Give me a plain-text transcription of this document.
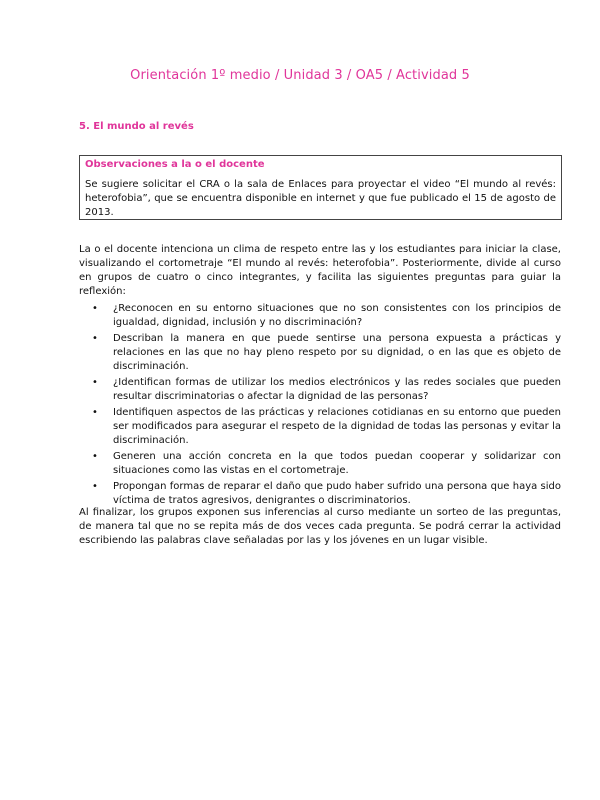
Orientación 1º medio / Unidad 3 / OA5 / Actividad 5
5. El mundo al revés
Observaciones a la o el docente
Se sugiere solicitar el CRA o la sala de Enlaces para proyectar el video “El mundo al revés: heterofobia”, que se encuentra disponible en internet y que fue publicado el 15 de agosto de 2013.
La o el docente intenciona un clima de respeto entre las y los estudiantes para iniciar la clase, visualizando el cortometraje “El mundo al revés: heterofobia”. Posteriormente, divide al curso en grupos de cuatro o cinco integrantes, y facilita las siguientes preguntas para guiar la reflexión:
• ¿Reconocen en su entorno situaciones que no son consistentes con los principios de igualdad, dignidad, inclusión y no discriminación?
• Describan la manera en que puede sentirse una persona expuesta a prácticas y relaciones en las que no hay pleno respeto por su dignidad, o en las que es objeto de discriminación.
• ¿Identifican formas de utilizar los medios electrónicos y las redes sociales que pueden resultar discriminatorias o afectar la dignidad de las personas?
• Identifiquen aspectos de las prácticas y relaciones cotidianas en su entorno que pueden ser modificados para asegurar el respeto de la dignidad de todas las personas y evitar la discriminación.
• Generen una acción concreta en la que todos puedan cooperar y solidarizar con situaciones como las vistas en el cortometraje.
• Propongan formas de reparar el daño que pudo haber sufrido una persona que haya sido víctima de tratos agresivos, denigrantes o discriminatorios.
Al finalizar, los grupos exponen sus inferencias al curso mediante un sorteo de las preguntas, de manera tal que no se repita más de dos veces cada pregunta. Se podrá cerrar la actividad escribiendo las palabras clave señaladas por las y los jóvenes en un lugar visible.
